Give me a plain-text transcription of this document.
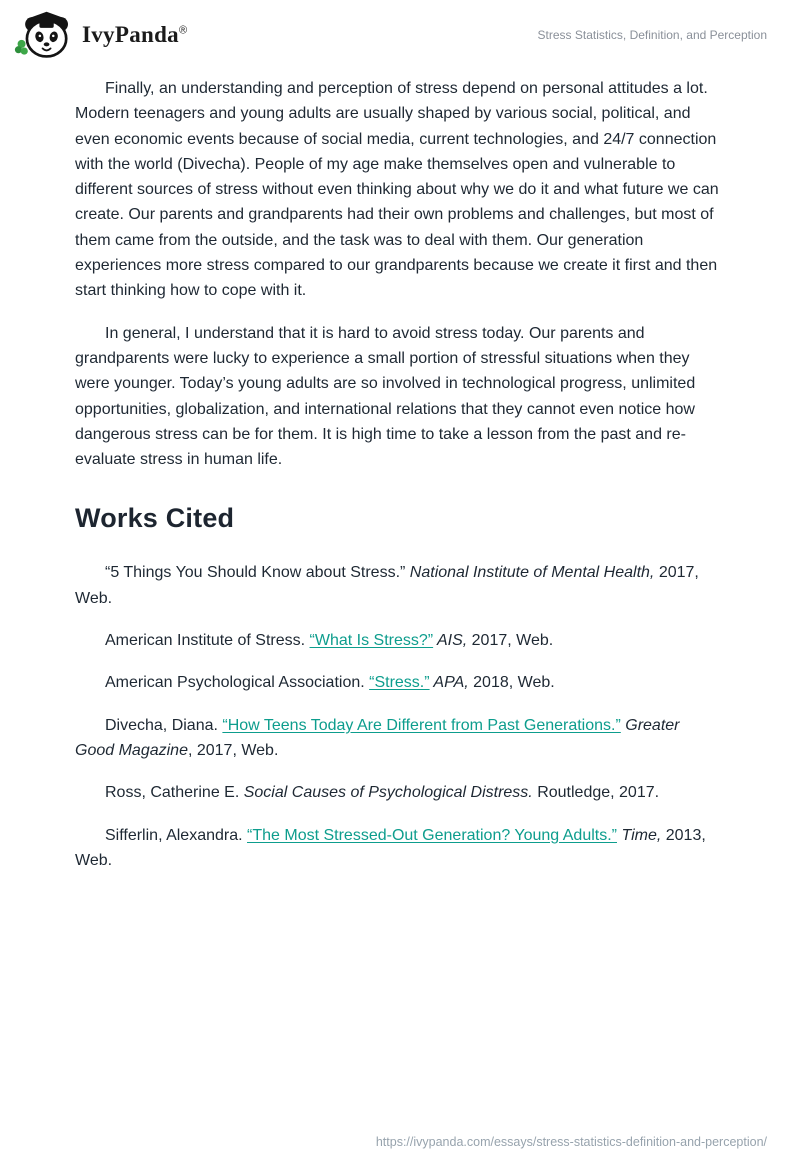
IvyPanda®	Stress Statistics, Definition, and Perception

Finally, an understanding and perception of stress depend on personal attitudes a lot. Modern teenagers and young adults are usually shaped by various social, political, and even economic events because of social media, current technologies, and 24/7 connection with the world (Divecha). People of my age make themselves open and vulnerable to different sources of stress without even thinking about why we do it and what future we can create. Our parents and grandparents had their own problems and challenges, but most of them came from the outside, and the task was to deal with them. Our generation experiences more stress compared to our grandparents because we create it first and then start thinking how to cope with it.

In general, I understand that it is hard to avoid stress today. Our parents and grandparents were lucky to experience a small portion of stressful situations when they were younger. Today’s young adults are so involved in technological progress, unlimited opportunities, globalization, and international relations that they cannot even notice how dangerous stress can be for them. It is high time to take a lesson from the past and re-evaluate stress in human life.

Works Cited

“5 Things You Should Know about Stress.” National Institute of Mental Health, 2017, Web.

American Institute of Stress. “What Is Stress?” AIS, 2017, Web.

American Psychological Association. “Stress.” APA, 2018, Web.

Divecha, Diana. “How Teens Today Are Different from Past Generations.” Greater Good Magazine, 2017, Web.

Ross, Catherine E. Social Causes of Psychological Distress. Routledge, 2017.

Sifferlin, Alexandra. “The Most Stressed-Out Generation? Young Adults.” Time, 2013, Web.

https://ivypanda.com/essays/stress-statistics-definition-and-perception/
